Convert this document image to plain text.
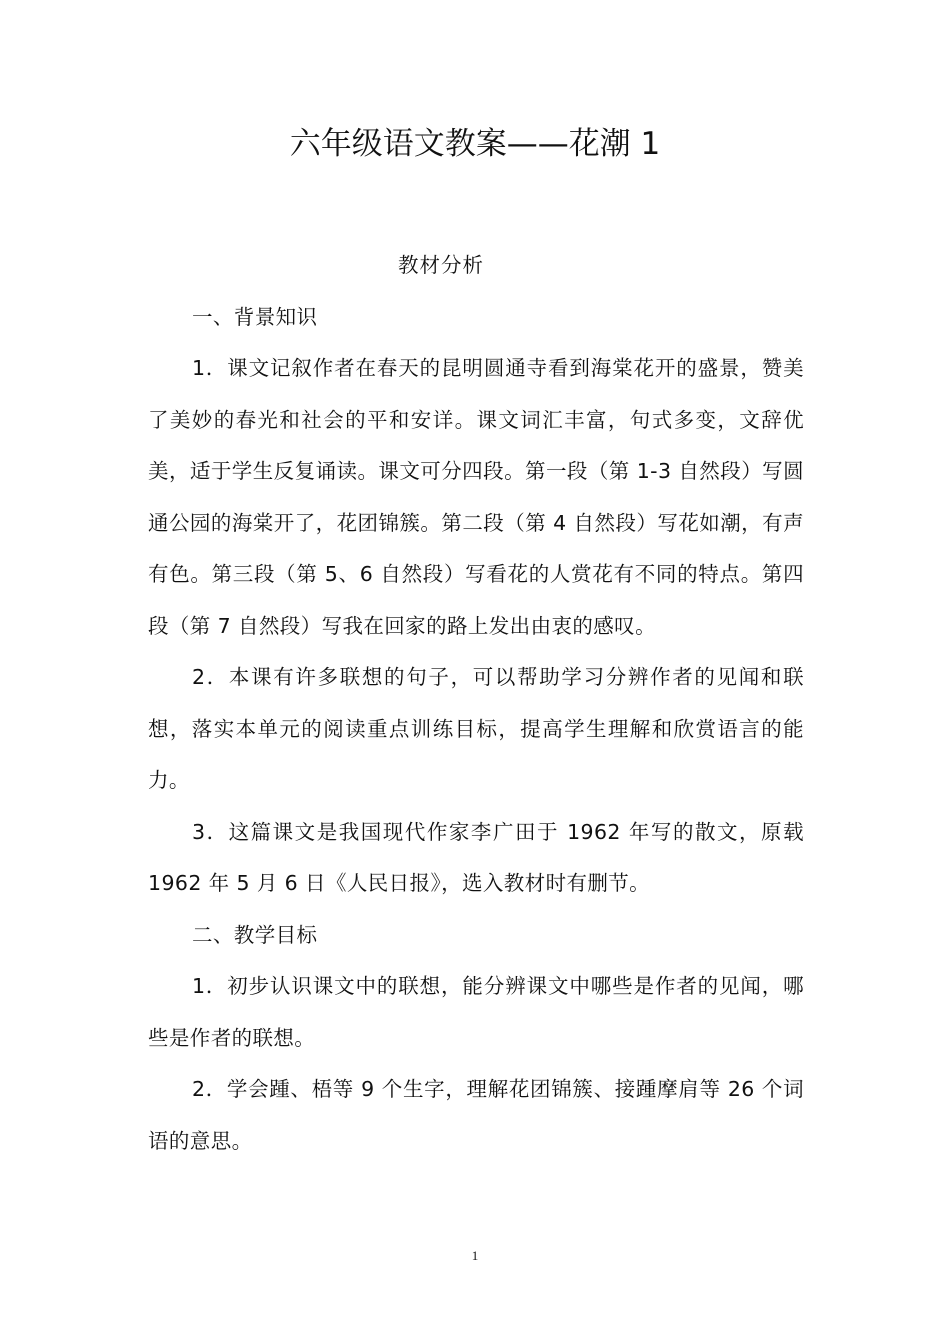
六年级语文教案——花潮 1

教材分析

一、背景知识

1．课文记叙作者在春天的昆明圆通寺看到海棠花开的盛景，赞美了美妙的春光和社会的平和安详。课文词汇丰富，句式多变，文辞优美，适于学生反复诵读。课文可分四段。第一段（第 1-3 自然段）写圆通公园的海棠开了，花团锦簇。第二段（第 4 自然段）写花如潮，有声有色。第三段（第 5、6 自然段）写看花的人赏花有不同的特点。第四段（第 7 自然段）写我在回家的路上发出由衷的感叹。

2．本课有许多联想的句子，可以帮助学习分辨作者的见闻和联想，落实本单元的阅读重点训练目标，提高学生理解和欣赏语言的能力。

3．这篇课文是我国现代作家李广田于 1962 年写的散文，原载 1962 年 5 月 6 日《人民日报》，选入教材时有删节。

二、教学目标

1．初步认识课文中的联想，能分辨课文中哪些是作者的见闻，哪些是作者的联想。

2．学会踵、梧等 9 个生字，理解花团锦簇、接踵摩肩等 26 个词语的意思。

1
